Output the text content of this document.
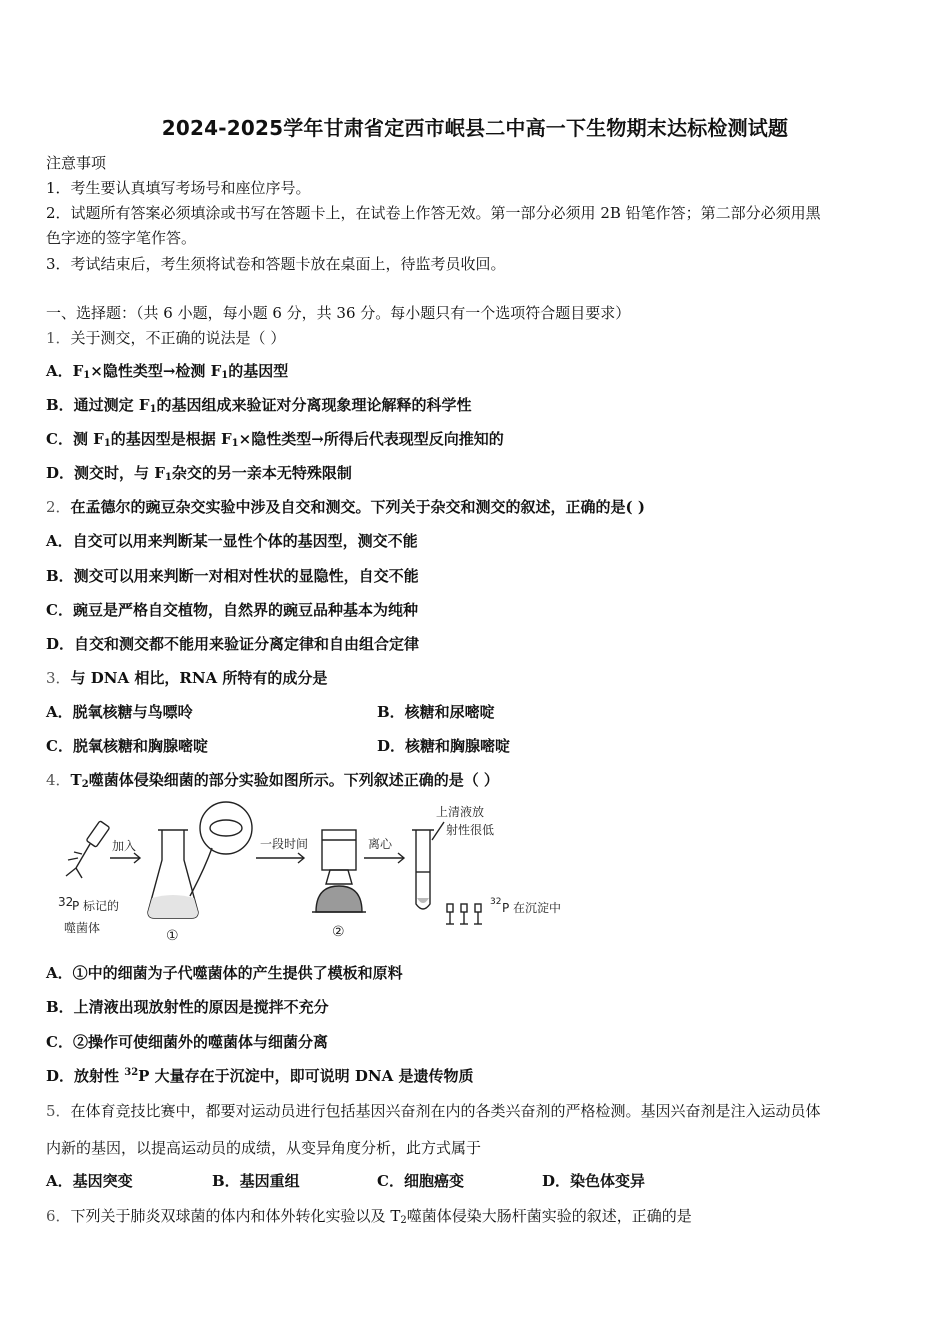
2024-2025学年甘肃省定西市岷县二中高一下生物期末达标检测试题
注意事项
1．考生要认真填写考场号和座位序号。
2．试题所有答案必须填涂或书写在答题卡上，在试卷上作答无效。第一部分必须用 2B 铅笔作答；第二部分必须用黑
色字迹的签字笔作答。
3．考试结束后，考生须将试卷和答题卡放在桌面上，待监考员收回。
一、选择题：（共 6 小题，每小题 6 分，共 36 分。每小题只有一个选项符合题目要求）
1．关于测交，不正确的说法是（ ）
A．$F_1\times$隐性类型→检测 $F_1$的基因型
B．通过测定 $F_1$的基因组成来验证对分离现象理论解释的科学性
C．测 $F_1$的基因型是根据 $F_1\times$隐性类型→所得后代表现型反向推知的
D．测交时，与 $F_1$杂交的另一亲本无特殊限制
2．在孟德尔的豌豆杂交实验中涉及自交和测交。下列关于杂交和测交的叙述，正确的是( )
A．自交可以用来判断某一显性个体的基因型，测交不能
B．测交可以用来判断一对相对性状的显隐性，自交不能
C．豌豆是严格自交植物，自然界的豌豆品种基本为纯种
D．自交和测交都不能用来验证分离定律和自由组合定律
3．与 DNA 相比，RNA 所特有的成分是
A．脱氧核糖与鸟嘌呤	B．核糖和尿嘧啶
C．脱氧核糖和胸腺嘧啶	D．核糖和胸腺嘧啶
4．$T_2$噬菌体侵染细菌的部分实验如图所示。下列叙述正确的是（ ）
32
P 标记的
噬菌体
加入
①
一段时间
②
离心
上清液放
射性很低
32 P 在沉淀中
A．①中的细菌为子代噬菌体的产生提供了模板和原料
B．上清液出现放射性的原因是搅拌不充分
C．②操作可使细菌外的噬菌体与细菌分离
D．放射性 $^{32}$P 大量存在于沉淀中，即可说明 DNA 是遗传物质
5．在体育竞技比赛中，都要对运动员进行包括基因兴奋剂在内的各类兴奋剂的严格检测。基因兴奋剂是注入运动员体
内新的基因，以提高运动员的成绩，从变异角度分析，此方式属于
A．基因突变	B．基因重组	C．细胞癌变	D．染色体变异
6．下列关于肺炎双球菌的体内和体外转化实验以及 $T_2$噬菌体侵染大肠杆菌实验的叙述，正确的是
